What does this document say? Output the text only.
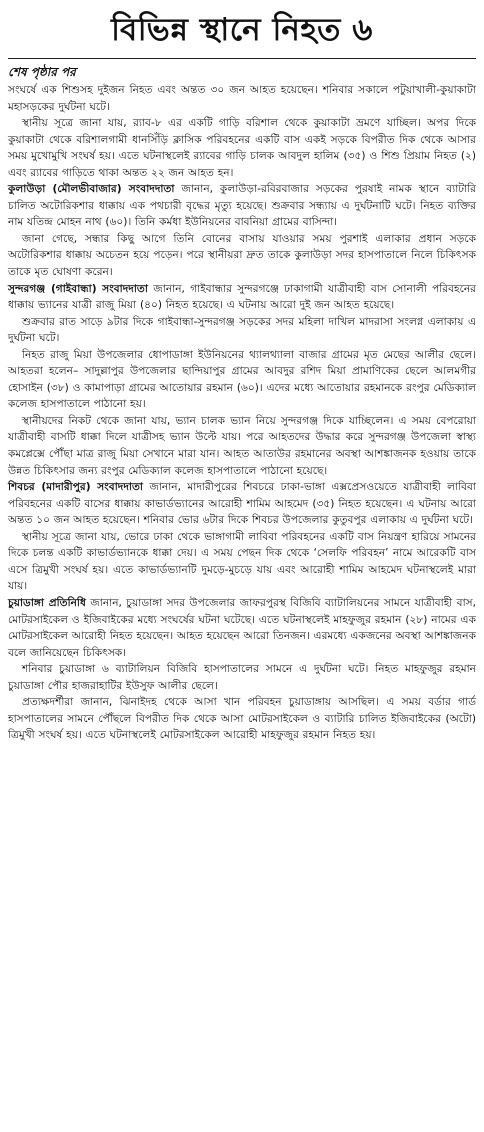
বিভিন্ন স্থানে নিহত ৬
শেষ পৃষ্ঠার পর

সংঘর্ষে এক শিশুসহ দুইজন নিহত এবং অন্তত ৩০ জন আহত হয়েছেন। শনিবার সকালে পটুয়াখালী-কুয়াকাটা মহাসড়কের দুর্ঘটনা ঘটে।

স্থানীয় সূত্রে জানা যায়, র‍্যাব-৮ এর একটি গাড়ি বরিশাল থেকে কুয়াকাটা ভ্রমণে যাচ্ছিল। অপর দিকে কুয়াকাটা থেকে বরিশালগামী ধানসিঁড়ি ক্লাসিক পরিবহনের একটি বাস একই সড়কে বিপরীত দিক থেকে আসার সময় মুখোমুখি সংঘর্ষ হয়। এতে ঘটনাস্থলেই র‍্যাবের গাড়ি চালক আবদুল হালিম (৩৫) ও শিশু প্রিয়াম নিহত (২) এবং র‍্যাবের গাড়িতে থাকা অন্তত ২২ জন আহত হন।

কুলাউড়া (মৌলভীবাজার) সংবাদদাতা জানান, কুলাউড়া-রবিরবাজার সড়কের পুরষাই নামক স্থানে ব্যাটারি চালিত অটোরিকশার ধাক্কায় এক পথচারী বৃদ্ধের মৃত্যু হয়েছে। শুক্রবার সন্ধ্যায় এ দুর্ঘটনাটি ঘটে। নিহত ব্যক্তির নাম যতিন্দ্র মোহন নাথ (৬০)। তিনি কর্মধা ইউনিয়নের বাবনিয়া গ্রামের বাসিন্দা।

জানা গেছে, সন্ধার কিছু আগে তিনি বোনের বাসায় যাওয়ার সময় পুরশাই এলাকার প্রধান সড়কে অটোরিকশার ধাক্কায় অচেতন হয়ে পড়েন। পরে স্থানীয়রা দ্রুত তাকে কুলাউড়া সদর হাসপাতালে নিলে চিকিৎসক তাকে মৃত ঘোষণা করেন।

সুন্দরগঞ্জ (গাইবান্ধা) সংবাদদাতা জানান, গাইবান্ধার সুন্দরগঞ্জে ঢাকাগামী যাত্রীবাহী বাস সোনালী পরিবহনের ধাক্কায় ভ্যানের যাত্রী রাজু মিয়া (৪০) নিহত হয়েছে। এ ঘটনায় আরো দুই জন আহত হয়েছে।

শুক্রবার রাত সাড়ে ৯টার দিকে গাইবান্ধা-সুন্দরগঞ্জ সড়কের সদর মহিলা দাখিল মাদরাসা সংলগ্ন এলাকায় এ দুর্ঘটনা ঘটে।

নিহত রাজু মিয়া উপজেলার ধোপাডাঙ্গা ইউনিয়নের থ্যালথ্যালা বাজার গ্রামের মৃত মেছের আলীর ছেলে। আহতরা হলেন– সাদুল্লাপুর উপজেলার ছান্দিয়াপুর গ্রামের আবদুর রশিদ মিয়া প্রামাণিকের ছেলে আলমগীর হোসাইন (৩৮) ও কামাপাড়া গ্রামের আতোয়ার রহমান (৬০)। এদের মধ্যে আতোয়ার রহমানকে রংপুর মেডিক্যাল কলেজ হাসপাতালে পাঠানো হয়।

স্থানীয়দের নিকট থেকে জানা যায়, ভ্যান চালক ভ্যান নিয়ে সুন্দরগঞ্জ দিকে যাচ্ছিলেন। এ সময় বেপরোয়া যাত্রীবাহী বাসটি ধাক্কা দিলে যাত্রীসহ ভ্যান উল্টে যায়। পরে আহতদের উদ্ধার করে সুন্দরগঞ্জ উপজেলা স্বাস্থ্য কমপ্লেক্সে পৌঁছা মাত্র রাজু মিয়া সেখানে মারা যান। আহত আতাউর রহমানের অবস্থা আশঙ্কাজনক হওয়ায় তাকে উন্নত চিকিৎসার জন্য রংপুর মেডিক্যাল কলেজ হাসপাতালে পাঠানো হয়েছে।

শিবচর (মাদারীপুর) সংবাদদাতা জানান, মাদারীপুরের শিবচরে ঢাকা-ভাঙ্গা এক্সপ্রেসওয়েতে যাত্রীবাহী লাবিবা পরিবহনের একটি বাসের ধাক্কায় কাভার্ডভ্যানের আরোহী শামিম আহমেদ (৩৫) নিহত হয়েছেন। এ ঘটনায় আরো অন্তত ১০ জন আহত হয়েছেন। শনিবার ভোর ৬টার দিকে শিবচর উপজেলার কুতুবপুর এলাকায় এ দুর্ঘটনা ঘটে।

স্থানীয় সূত্রে জানা যায়, ভোরে ঢাকা থেকে ভাঙ্গাগামী লাবিবা পরিবহনের একটি বাস নিয়ন্ত্রণ হারিয়ে সামনের দিকে চলন্ত একটি কাভার্ডভ্যানকে ধাক্কা দেয়। এ সময় পেছন দিক থেকে ‘সেলফি পরিবহন’ নামে আরেকটি বাস এসে ত্রিমুখী সংঘর্ষ হয়। এতে কাভার্ডভ্যানটি দুমড়ে-মুচড়ে যায় এবং আরোহী শামিম আহমেদ ঘটনাস্থলেই মারা যায়।

চুয়াডাঙ্গা প্রতিনিধি জানান, চুয়াডাঙ্গা সদর উপজেলার জাফরপুরস্থ বিজিবি ব্যাটালিয়নের সামনে যাত্রীবাহী বাস, মোটরসাইকেল ও ইজিবাইকের মধ্যে সংঘর্ষের ঘটনা ঘটেছে। এতে ঘটনাস্থলেই মাহফুজুর রহমান (২৮) নামের এক মোটরসাইকেল আরোহী নিহত হয়েছেন। আহত হয়েছেন আরো তিনজন। এরমধ্যে একজনের অবস্থা আশঙ্কাজনক বলে জানিয়েছেন চিকিৎসক।

শনিবার চুয়াডাঙ্গা ৬ ব্যাটালিয়ন বিজিবি হাসপাতালের সামনে এ দুর্ঘটনা ঘটে। নিহত মাহফুজুর রহমান চুয়াডাঙ্গা পৌর হাজরাহাটির ইউসুফ আলীর ছেলে।

প্রত্যক্ষদর্শীরা জানান, ঝিনাইদহ থেকে আসা খান পরিবহন চুয়াডাঙ্গায় আসছিল। এ সময় বর্ডার গার্ড হাসপাতালের সামনে পৌঁছলে বিপরীত দিক থেকে আসা মোটরসাইকেল ও ব্যাটারি চালিত ইজিবাইকের (অটো) ত্রিমুখী সংঘর্ষ হয়। এতে ঘটনাস্থলেই মোটরসাইকেল আরোহী মাহফুজুর রহমান নিহত হয়।
